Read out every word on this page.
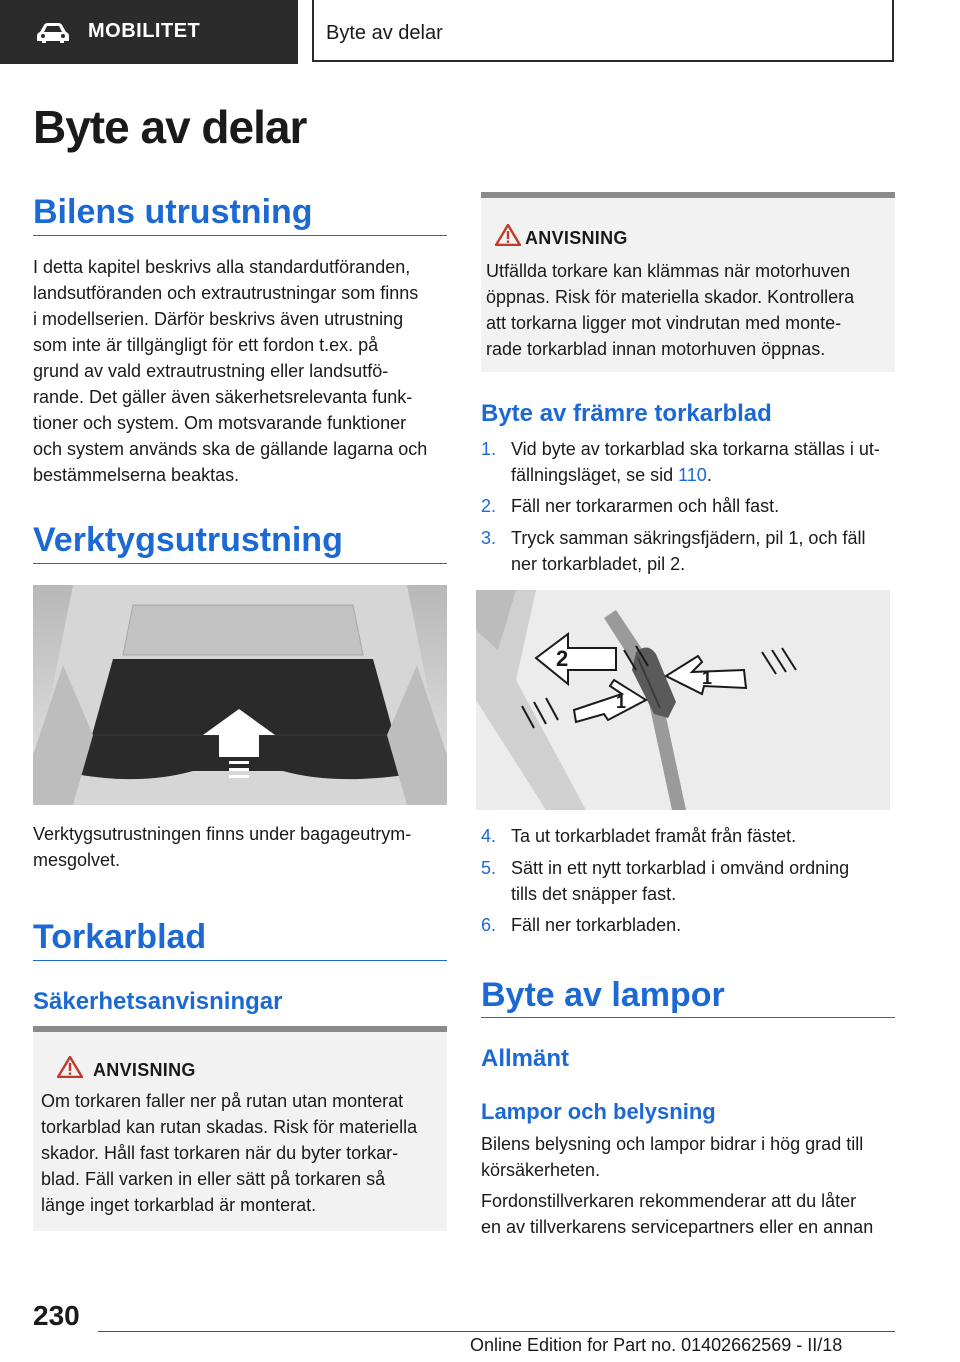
MOBILITET	Byte av delar
Byte av delar
Bilens utrustning
I detta kapitel beskrivs alla standardutföranden,
landsutföranden och extrautrustningar som finns
i modellserien. Därför beskrivs även utrustning
som inte är tillgängligt för ett fordon t.ex. på
grund av vald extrautrustning eller landsutfö‐
rande. Det gäller även säkerhetsrelevanta funk‐
tioner och system. Om motsvarande funktioner
och system används ska de gällande lagarna och
bestämmelserna beaktas.
Verktygsutrustning
Verktygsutrustningen finns under bagageutrym‐
mesgolvet.
Torkarblad
Säkerhetsanvisningar
ANVISNING
Om torkaren faller ner på rutan utan monterat
torkarblad kan rutan skadas. Risk för materiella
skador. Håll fast torkaren när du byter torkar‐
blad. Fäll varken in eller sätt på torkaren så
länge inget torkarblad är monterat.
ANVISNING
Utfällda torkare kan klämmas när motorhuven
öppnas. Risk för materiella skador. Kontrollera
att torkarna ligger mot vindrutan med monte‐
rade torkarblad innan motorhuven öppnas.
Byte av främre torkarblad
1. Vid byte av torkarblad ska torkarna ställas i ut‐
fällningsläget, se sid 110.
2. Fäll ner torkararmen och håll fast.
3. Tryck samman säkringsfjädern, pil 1, och fäll
ner torkarbladet, pil 2.
2
1
1
4. Ta ut torkarbladet framåt från fästet.
5. Sätt in ett nytt torkarblad i omvänd ordning
tills det snäpper fast.
6. Fäll ner torkarbladen.
Byte av lampor
Allmänt
Lampor och belysning
Bilens belysning och lampor bidrar i hög grad till
körsäkerheten.
Fordonstillverkaren rekommenderar att du låter
en av tillverkarens servicepartners eller en annan
230
Online Edition for Part no. 01402662569 - II/18
